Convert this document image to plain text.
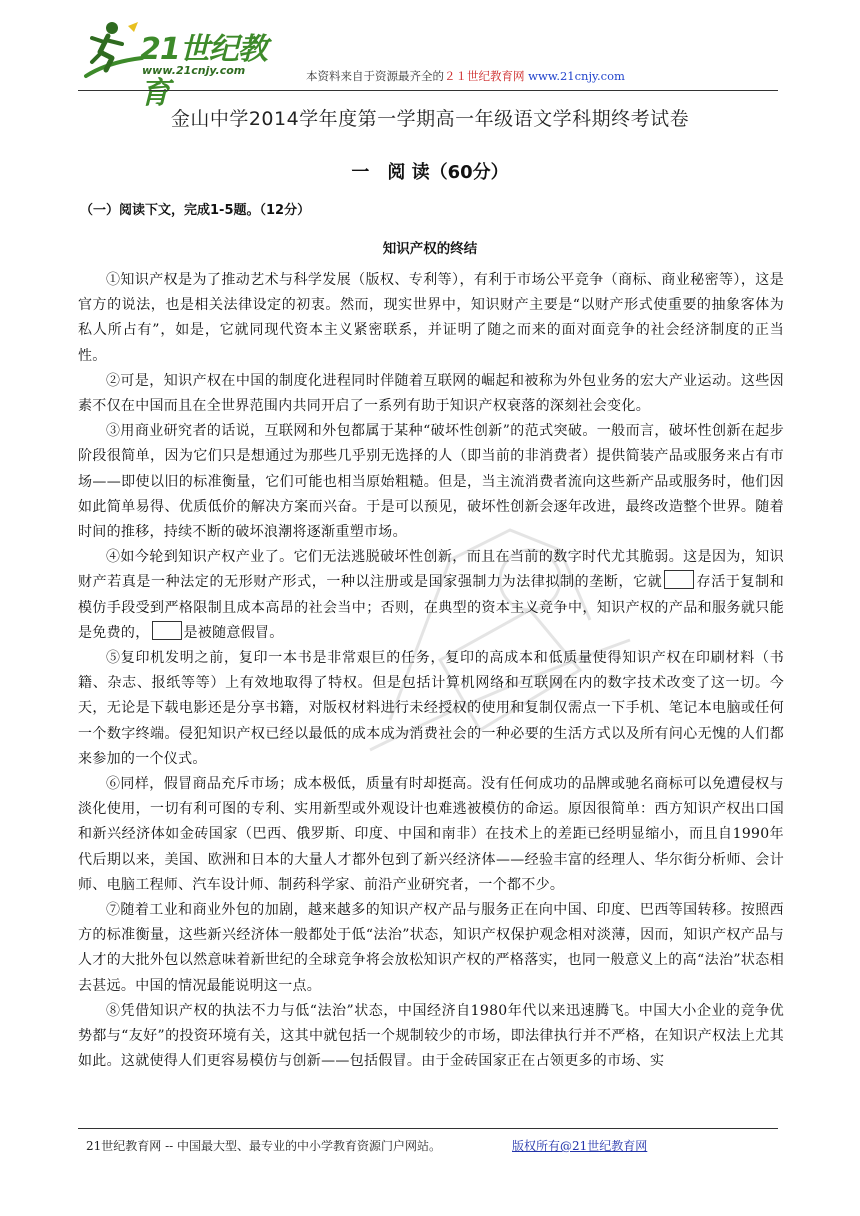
21世纪教育
www.21cnjy.com	本资料来自于资源最齐全的２１世纪教育网 www.21cnjy.com
金山中学2014学年度第一学期高一年级语文学科期终考试卷
一　阅 读（60分）
（一）阅读下文，完成1-5题。（12分）
知识产权的终结

①知识产权是为了推动艺术与科学发展（版权、专利等），有利于市场公平竞争（商标、商业秘密等），这是官方的说法，也是相关法律设定的初衷。然而，现实世界中，知识财产主要是“以财产形式使重要的抽象客体为私人所占有”，如是，它就同现代资本主义紧密联系，并证明了随之而来的面对面竞争的社会经济制度的正当性。

②可是，知识产权在中国的制度化进程同时伴随着互联网的崛起和被称为外包业务的宏大产业运动。这些因素不仅在中国而且在全世界范围内共同开启了一系列有助于知识产权衰落的深刻社会变化。

③用商业研究者的话说，互联网和外包都属于某种“破坏性创新”的范式突破。一般而言，破坏性创新在起步阶段很简单，因为它们只是想通过为那些几乎别无选择的人（即当前的非消费者）提供简装产品或服务来占有市场——即使以旧的标准衡量，它们可能也相当原始粗糙。但是，当主流消费者流向这些新产品或服务时，他们因如此简单易得、优质低价的解决方案而兴奋。于是可以预见，破坏性创新会逐年改进，最终改造整个世界。随着时间的推移，持续不断的破坏浪潮将逐渐重塑市场。

④如今轮到知识产权产业了。它们无法逃脱破坏性创新，而且在当前的数字时代尤其脆弱。这是因为，知识财产若真是一种法定的无形财产形式，一种以注册或是国家强制力为法律拟制的垄断，它就 存活于复制和模仿手段受到严格限制且成本高昂的社会当中；否则，在典型的资本主义竞争中，知识产权的产品和服务就只能是免费的， 是被随意假冒。

⑤复印机发明之前，复印一本书是非常艰巨的任务，复印的高成本和低质量使得知识产权在印刷材料（书籍、杂志、报纸等等）上有效地取得了特权。但是包括计算机网络和互联网在内的数字技术改变了这一切。今天，无论是下载电影还是分享书籍，对版权材料进行未经授权的使用和复制仅需点一下手机、笔记本电脑或任何一个数字终端。侵犯知识产权已经以最低的成本成为消费社会的一种必要的生活方式以及所有问心无愧的人们都来参加的一个仪式。

⑥同样，假冒商品充斥市场；成本极低，质量有时却挺高。没有任何成功的品牌或驰名商标可以免遭侵权与淡化使用，一切有利可图的专利、实用新型或外观设计也难逃被模仿的命运。原因很简单：西方知识产权出口国和新兴经济体如金砖国家（巴西、俄罗斯、印度、中国和南非）在技术上的差距已经明显缩小，而且自1990年代后期以来，美国、欧洲和日本的大量人才都外包到了新兴经济体——经验丰富的经理人、华尔街分析师、会计师、电脑工程师、汽车设计师、制药科学家、前沿产业研究者，一个都不少。

⑦随着工业和商业外包的加剧，越来越多的知识产权产品与服务正在向中国、印度、巴西等国转移。按照西方的标准衡量，这些新兴经济体一般都处于低“法治”状态，知识产权保护观念相对淡薄，因而，知识产权产品与人才的大批外包以然意味着新世纪的全球竞争将会放松知识产权的严格落实，也同一般意义上的高“法治”状态相去甚远。中国的情况最能说明这一点。

⑧凭借知识产权的执法不力与低“法治”状态，中国经济自1980年代以来迅速腾飞。中国大小企业的竞争优势都与“友好”的投资环境有关，这其中就包括一个规制较少的市场，即法律执行并不严格，在知识产权法上尤其如此。这就使得人们更容易模仿与创新——包括假冒。由于金砖国家正在占领更多的市场、实

21世纪教育网 -- 中国最大型、最专业的中小学教育资源门户网站。	版权所有@21世纪教育网
